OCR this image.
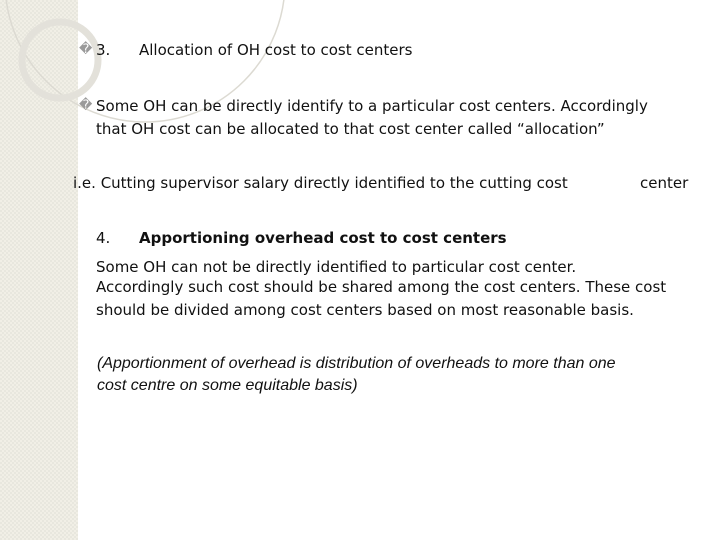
� 3. Allocation of OH cost to cost centers
� Some OH can be directly identify to a particular cost centers. Accordingly
that OH cost can be allocated to that cost center called “allocation”
i.e. Cutting supervisor salary directly identified to the cutting cost	center
4. Apportioning overhead cost to cost centers
Some OH can not be directly identified to particular cost center.
Accordingly such cost should be shared among the cost centers. These cost
should be divided among cost centers based on most reasonable basis.
(Apportionment of overhead is distribution of overheads to more than one
cost centre on some equitable basis)
